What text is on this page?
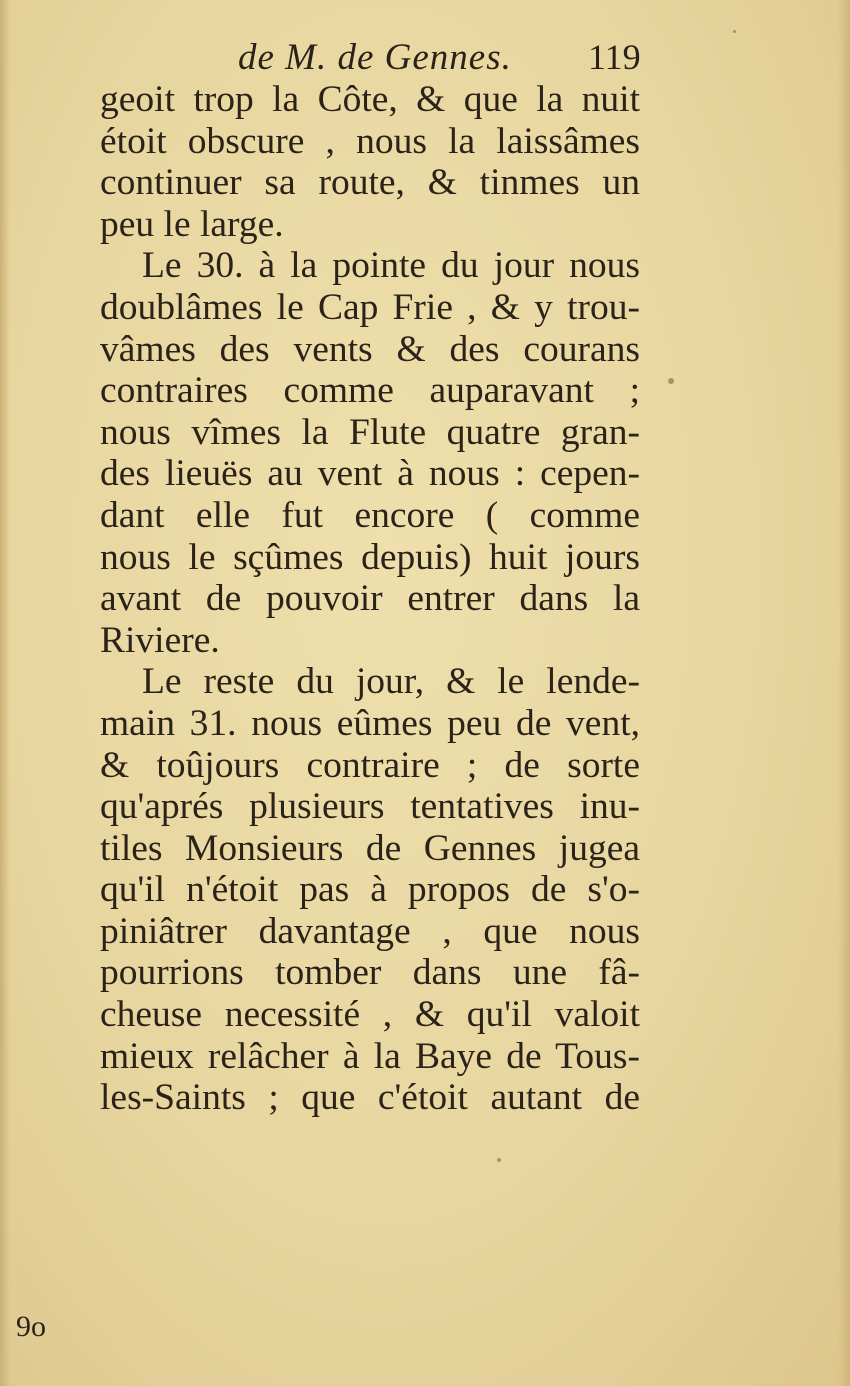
de M. de Gennes. 119
geoit trop la Côte, & que la nuit
étoit obscure , nous la laissâmes
continuer sa route, & tinmes un
peu le large.
Le 30. à la pointe du jour nous
doublâmes le Cap Frie , & y trou-
vâmes des vents & des courans
contraires comme auparavant ;
nous vîmes la Flute quatre gran-
des lieuës au vent à nous : cepen-
dant elle fut encore ( comme
nous le sçûmes depuis) huit jours
avant de pouvoir entrer dans la
Riviere.
Le reste du jour, & le lende-
main 31. nous eûmes peu de vent,
& toûjours contraire ; de sorte
qu'aprés plusieurs tentatives inu-
tiles Monsieurs de Gennes jugea
qu'il n'étoit pas à propos de s'o-
piniâtrer davantage , que nous
pourrions tomber dans une fâ-
cheuse necessité , & qu'il valoit
mieux relâcher à la Baye de Tous-
les-Saints ; que c'étoit autant de
9o
